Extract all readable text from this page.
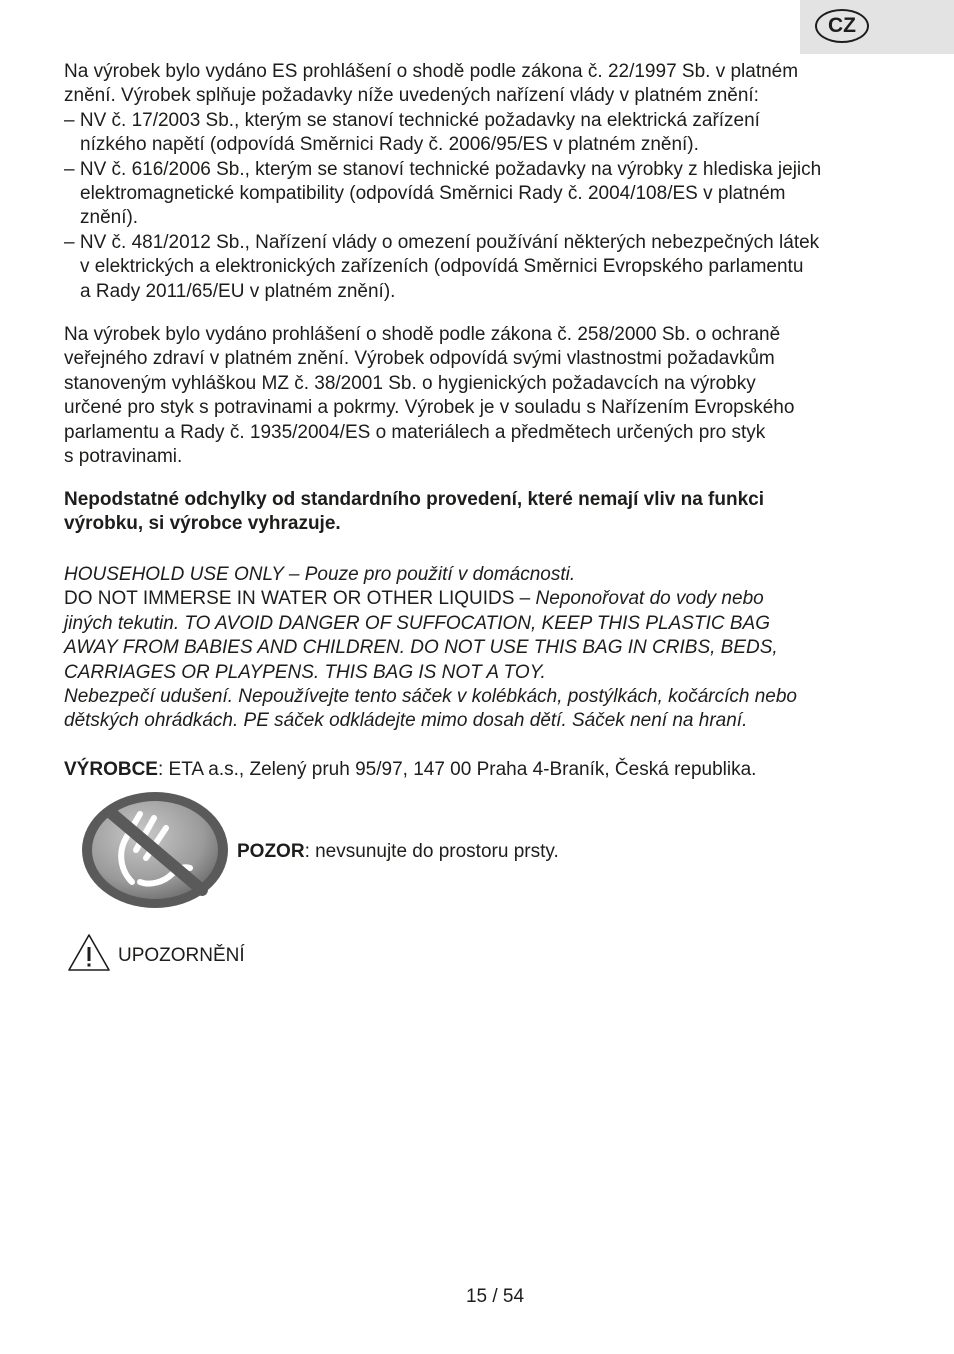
CZ
Na výrobek bylo vydáno ES prohlášení o shodě podle zákona č. 22/1997 Sb. v platném
znění. Výrobek splňuje požadavky níže uvedených nařízení vlády v platném znění:
– NV č. 17/2003 Sb., kterým se stanoví technické požadavky na elektrická zařízení
nízkého napětí (odpovídá Směrnici Rady č. 2006/95/ES v platném znění).
– NV č. 616/2006 Sb., kterým se stanoví technické požadavky na výrobky z hlediska jejich
elektromagnetické kompatibility (odpovídá Směrnici Rady č. 2004/108/ES v platném
znění).
– NV č. 481/2012 Sb., Nařízení vlády o omezení používání některých nebezpečných látek
v elektrických a elektronických zařízeních (odpovídá Směrnici Evropského parlamentu
a Rady 2011/65/EU v platném znění).
Na výrobek bylo vydáno prohlášení o shodě podle zákona č. 258/2000 Sb. o ochraně
veřejného zdraví v platném znění. Výrobek odpovídá svými vlastnostmi požadavkům
stanoveným vyhláškou MZ č. 38/2001 Sb. o hygienických požadavcích na výrobky
určené pro styk s potravinami a pokrmy. Výrobek je v souladu s Nařízením Evropského
parlamentu a Rady č. 1935/2004/ES o materiálech a předmětech určených pro styk
s potravinami.
Nepodstatné odchylky od standardního provedení, které nemají vliv na funkci
výrobku, si výrobce vyhrazuje.
HOUSEHOLD USE ONLY – Pouze pro použití v domácnosti.
DO NOT IMMERSE IN WATER OR OTHER LIQUIDS – Neponořovat do vody nebo
jiných tekutin. TO AVOID DANGER OF SUFFOCATION, KEEP THIS PLASTIC BAG
AWAY FROM BABIES AND CHILDREN. DO NOT USE THIS BAG IN CRIBS, BEDS,
CARRIAGES OR PLAYPENS. THIS BAG IS NOT A TOY.
Nebezpečí udušení. Nepoužívejte tento sáček v kolébkách, postýlkách, kočárcích nebo
dětských ohrádkách. PE sáček odkládejte mimo dosah dětí. Sáček není na hraní.
VÝROBCE: ETA a.s., Zelený pruh 95/97, 147 00 Praha 4-Braník, Česká republika.
POZOR: nevsunujte do prostoru prsty.
UPOZORNĚNÍ
15 / 54
